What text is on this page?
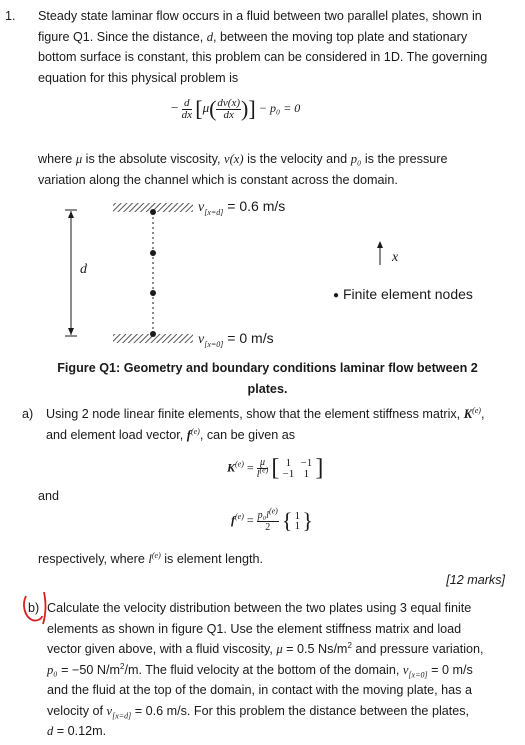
1. Steady state laminar flow occurs in a fluid between two parallel plates, shown in
figure Q1. Since the distance, d, between the moving top plate and stationary
bottom surface is constant, this problem can be considered in 1D. The governing
equation for this physical problem is
− $\frac{d}{dx} [\mu( \frac{dv(x)}{dx}$ )] − p₀ = 0
where μ is the absolute viscosity, v(x) is the velocity and p₀ is the pressure
variation along the channel which is constant across the domain.
$v_{[x=d]} = 0.6$ m/s
d
x
● Finite element nodes
$v_{[x=0]} = 0$ m/s
Figure Q1: Geometry and boundary conditions laminar flow between 2
plates.
a) Using 2 node linear finite elements, show that the element stiffness matrix, $K^{(e)}$,
and element load vector, $f^{(e)}$, can be given as
$K^{(e)} = \frac{\mu}{l^{(e)}}$ [ 1 −1
−1 1 ]
and
$f^{(e)} = \frac{p_0l^{(e)}}{2}$ { 1
1 }
respectively, where $l^{(e)}$ is element length.
[12 marks]
b) Calculate the velocity distribution between the two plates using 3 equal finite
elements as shown in figure Q1. Use the element stiffness matrix and load
vector given above, with a fluid viscosity, μ = 0.5 $Ns/m^2$ and pressure variation,
p₀ = −50 $N/m^2/m$. The fluid velocity at the bottom of the domain, $v_{[x=0]} = 0$ m/s
and the fluid at the top of the domain, in contact with the moving plate, has a
velocity of $v_{[x=d]} = 0.6$ m/s. For this problem the distance between the plates,
d = 0.12m.
